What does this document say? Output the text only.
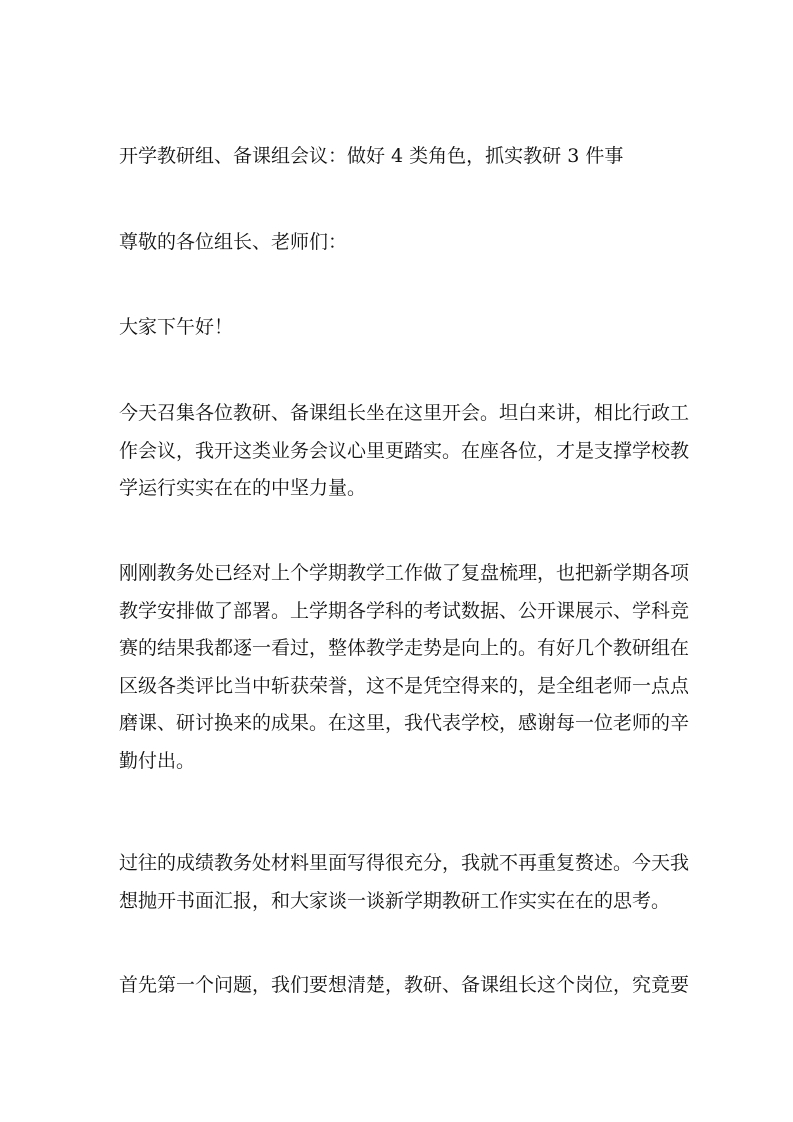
开学教研组、备课组会议：做好 4 类角色，抓实教研 3 件事

尊敬的各位组长、老师们：

大家下午好！

今天召集各位教研、备课组长坐在这里开会。坦白来讲，相比行政工作会议，我开这类业务会议心里更踏实。在座各位，才是支撑学校教学运行实实在在的中坚力量。

刚刚教务处已经对上个学期教学工作做了复盘梳理，也把新学期各项教学安排做了部署。上学期各学科的考试数据、公开课展示、学科竞赛的结果我都逐一看过，整体教学走势是向上的。有好几个教研组在区级各类评比当中斩获荣誉，这不是凭空得来的，是全组老师一点点磨课、研讨换来的成果。在这里，我代表学校，感谢每一位老师的辛勤付出。

过往的成绩教务处材料里面写得很充分，我就不再重复赘述。今天我想抛开书面汇报，和大家谈一谈新学期教研工作实实在在的思考。

首先第一个问题，我们要想清楚，教研、备课组长这个岗位，究竟要
